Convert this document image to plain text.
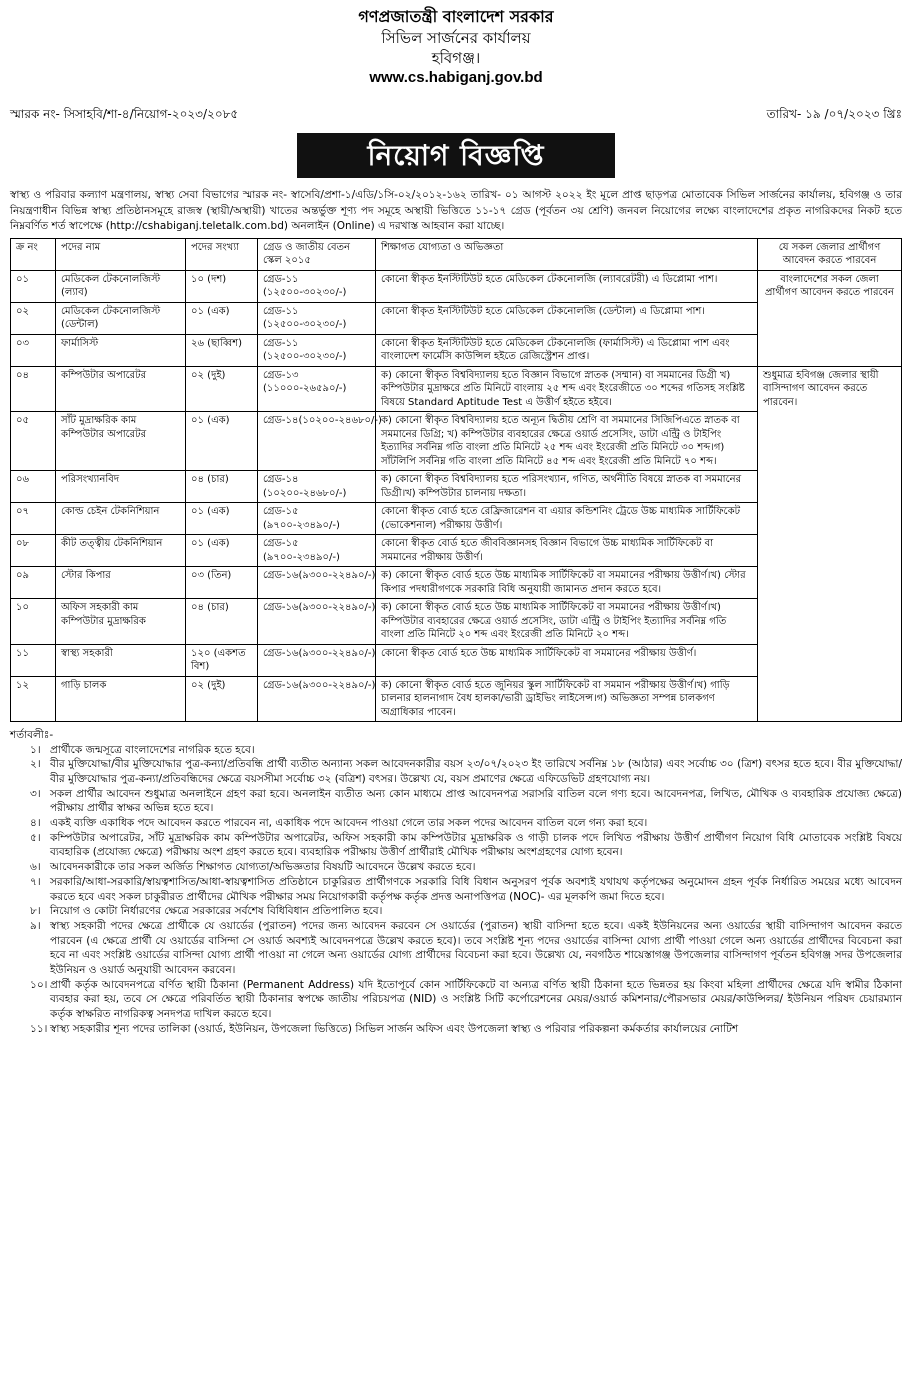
গণপ্রজাতন্ত্রী বাংলাদেশ সরকার
সিভিল সার্জনের কার্যালয়
হবিগঞ্জ।
www.cs.habiganj.gov.bd
স্মারক নং- সিসাহবি/শা-৪/নিয়োগ-২০২৩/২০৮৫	তারিখ- ১৯ /০৭/২০২৩ খ্রিঃ
নিয়োগ বিজ্ঞপ্তি
স্বাস্থ্য ও পরিবার কল্যাণ মন্ত্রণালয়, স্বাস্থ্য সেবা বিভাগের স্মারক নং- স্বাসেবি/প্রশা-১/এডি/১সি-০২/২০১২-১৬২ তারিখ- ০১ আগস্ট ২০২২ ইং মূলে প্রাপ্ত ছাড়পত্র মোতাবেক সিভিল সার্জনের কার্যালয়, হবিগঞ্জ ও তার নিয়ন্ত্রণাধীন বিভিন্ন স্বাস্থ্য প্রতিষ্ঠানসমূহে রাজস্ব (স্থায়ী/অস্থায়ী) খাতের অন্তর্ভুক্ত শূণ্য পদ সমূহে অস্থায়ী ভিত্তিতে ১১-১৭ গ্রেড (পূর্বতন ৩য় শ্রেণি) জনবল নিয়োগের লক্ষ্যে বাংলাদেশের প্রকৃত নাগরিকদের নিকট হতে নিম্নবর্ণিত শর্ত স্বাপেক্ষে (http://cshabiganj.teletalk.com.bd) অনলাইন (Online) এ দরখাস্ত আহবান করা যাচ্ছে।
ক্র নং	পদের নাম	পদের সংখ্যা	গ্রেড ও জাতীয় বেতন স্কেল ২০১৫	শিক্ষাগত যোগ্যতা ও অভিজ্ঞতা	যে সকল জেলার প্রার্থীগণ আবেদন করতে পারবেন
০১	মেডিকেল টেকনোলজিস্ট (ল্যাব)	১০ (দশ)	গ্রেড-১১ (১২৫০০-৩০২৩০/-)	কোনো স্বীকৃত ইনস্টিটিউট হতে মেডিকেল টেকনোলজি (ল্যাবরেটরী) এ ডিপ্লোমা পাশ।	বাংলাদেশের সকল জেলা প্রার্থীগণ আবেদন করতে পারবেন
০২	মেডিকেল টেকনোলজিস্ট (ডেন্টাল)	০১ (এক)	গ্রেড-১১ (১২৫০০-৩০২৩০/-)	কোনো স্বীকৃত ইনস্টিটিউট হতে মেডিকেল টেকনোলজি (ডেন্টাল) এ ডিপ্লোমা পাশ।	
০৩	ফার্মাসিস্ট	২৬ (ছাব্বিশ)	গ্রেড-১১ (১২৫০০-৩০২৩০/-)	কোনো স্বীকৃত ইনস্টিটিউট হতে মেডিকেল টেকনোলজি (ফার্মাসিস্ট) এ ডিপ্লোমা পাশ এবং বাংলাদেশ ফার্মেসি কাউন্সিল হইতে রেজিস্ট্রেশন প্রাপ্ত।	
০৪	কম্পিউটার অপারেটর	০২ (দুই)	গ্রেড-১৩ (১১০০০-২৬৫৯০/-)	ক) কোনো স্বীকৃত বিশ্ববিদ্যালয় হতে বিজ্ঞান বিভাগে স্নাতক (সম্মান) বা সমমানের ডিগ্রী খ) কম্পিউটার মুদ্রাক্ষরে প্রতি মিনিটে বাংলায় ২৫ শব্দ এবং ইংরেজীতে ৩০ শব্দের গতিসহ সংশ্লিষ্ট বিষয়ে Standard Aptitude Test এ উত্তীর্ণ হইতে হইবে।	শুধুমাত্র হবিগঞ্জ জেলার স্থায়ী বাসিন্দাগণ আবেদন করতে পারবেন।
০৫	সাঁট মুদ্রাক্ষরিক কাম কম্পিউটার অপারেটর	০১ (এক)	গ্রেড-১৪(১০২০০-২৪৬৮০/-)	ক) কোনো স্বীকৃত বিশ্ববিদ্যালয় হতে অন্যূন দ্বিতীয় শ্রেণি বা সমমানের সিজিপিএতে স্নাতক বা সমমানের ডিগ্রি; খ) কম্পিউটার ব্যবহারের ক্ষেত্রে ওয়ার্ড প্রসেসিং, ডাটা এন্ট্রি ও টাইপিং ইত্যাদির সর্বনিম্ন গতি বাংলা প্রতি মিনিটে ২৫ শব্দ এবং ইংরেজী প্রতি মিনিটে ৩০ শব্দ।গ) সাঁটলিপি সর্বনিম্ন গতি বাংলা প্রতি মিনিটে ৪৫ শব্দ এবং ইংরেজী প্রতি মিনিটে ৭০ শব্দ।	
০৬	পরিসংখ্যানবিদ	০৪ (চার)	গ্রেড-১৪ (১০২০০-২৪৬৮০/-)	ক) কোনো স্বীকৃত বিশ্ববিদ্যালয় হতে পরিসংখ্যান, গণিত, অর্থনীতি বিষয়ে স্নাতক বা সমমানের ডিগ্রী।খ) কম্পিউটার চালনায় দক্ষতা।	
০৭	কোল্ড চেইন টেকনিশিয়ান	০১ (এক)	গ্রেড-১৫ (৯৭০০-২৩৪৯০/-)	কোনো স্বীকৃত বোর্ড হতে রেফ্রিজারেশন বা এয়ার কন্ডিশনিং ট্রেডে উচ্চ মাধ্যমিক সার্টিফিকেট (ভোকেশনাল) পরীক্ষায় উত্তীর্ণ।	
০৮	কীট তত্ত্বীয় টেকনিশিয়ান	০১ (এক)	গ্রেড-১৫ (৯৭০০-২৩৪৯০/-)	কোনো স্বীকৃত বোর্ড হতে জীববিজ্ঞানসহ বিজ্ঞান বিভাগে উচ্চ মাধ্যমিক সার্টিফিকেট বা সমমানের পরীক্ষায় উত্তীর্ণ।	
০৯	স্টোর কিপার	০৩ (তিন)	গ্রেড-১৬(৯৩০০-২২৪৯০/-)	ক) কোনো স্বীকৃত বোর্ড হতে উচ্চ মাধ্যমিক সার্টিফিকেট বা সমমানের পরীক্ষায় উত্তীর্ণ।খ) স্টোর কিপার পদধারীগণকে সরকারি বিধি অনুযায়ী জামানত প্রদান করতে হবে।	
১০	অফিস সহকারী কাম কম্পিউটার মুদ্রাক্ষরিক	০৪ (চার)	গ্রেড-১৬(৯৩০০-২২৪৯০/-)	ক) কোনো স্বীকৃত বোর্ড হতে উচ্চ মাধ্যমিক সার্টিফিকেট বা সমমানের পরীক্ষায় উত্তীর্ণ।খ) কম্পিউটার ব্যবহারের ক্ষেত্রে ওয়ার্ড প্রসেসিং, ডাটা এন্ট্রি ও টাইপিং ইত্যাদির সর্বনিম্ন গতি বাংলা প্রতি মিনিটে ২০ শব্দ এবং ইংরেজী প্রতি মিনিটে ২০ শব্দ।	
১১	স্বাস্থ্য সহকারী	১২০ (একশত বিশ)	গ্রেড-১৬(৯৩০০-২২৪৯০/-)	কোনো স্বীকৃত বোর্ড হতে উচ্চ মাধ্যমিক সার্টিফিকেট বা সমমানের পরীক্ষায় উত্তীর্ণ।	
১২	গাড়ি চালক	০২ (দুই)	গ্রেড-১৬(৯৩০০-২২৪৯০/-)	ক) কোনো স্বীকৃত বোর্ড হতে জুনিয়র স্কুল সার্টিফিকেট বা সমমান পরীক্ষায় উত্তীর্ণ।খ) গাড়ি চালনার হালনাগাদ বৈধ হালকা/ভারী ড্রাইভিং লাইসেন্স।গ) অভিজ্ঞতা সম্পন্ন চালকগণ অগ্রাধিকার পাবেন।	
শর্তাবলীঃ-
১। প্রার্থীকে জন্মসূত্রে বাংলাদেশের নাগরিক হতে হবে।
২। বীর মুক্তিযোদ্ধা/বীর মুক্তিযোদ্ধার পুত্র-কন্যা/প্রতিবন্ধি প্রার্থী ব্যতীত অন্যান্য সকল আবেদনকারীর বয়স ২৩/০৭/২০২৩ ইং তারিখে সর্বনিম্ন ১৮ (আঠার) এবং সর্বোচ্চ ৩০ (ত্রিশ) বৎসর হতে হবে। বীর মুক্তিযোদ্ধা/বীর মুক্তিযোদ্ধার পুত্র-কন্যা/প্রতিবন্ধিদের ক্ষেত্রে বয়সসীমা সর্বোচ্চ ৩২ (বত্রিশ) বৎসর। উল্লেখ্য যে, বয়স প্রমাণের ক্ষেত্রে এফিডেভিট গ্রহণযোগ্য নয়।
৩। সকল প্রার্থীর আবেদন শুধুমাত্র অনলাইনে গ্রহণ করা হবে। অনলাইন ব্যতীত অন্য কোন মাধ্যমে প্রাপ্ত আবেদনপত্র সরাসরি বাতিল বলে গণ্য হবে। আবেদনপত্র, লিখিত, মৌখিক ও ব্যবহারিক প্রযোজ্য ক্ষেত্রে) পরীক্ষায় প্রার্থীর স্বাক্ষর অভিন্ন হতে হবে।
৪। একই ব্যক্তি একাধিক পদে আবেদন করতে পারবেন না, একাধিক পদে আবেদন পাওয়া গেলে তার সকল পদের আবেদন বাতিল বলে গন্য করা হবে।
৫। কম্পিউটার অপারেটর, সাঁট মুদ্রাক্ষরিক কাম কম্পিউটার অপারেটর, অফিস সহকারী কাম কম্পিউটার মুদ্রাক্ষরিক ও গাড়ী চালক পদে লিখিত পরীক্ষায় উত্তীর্ণ প্রার্থীগণ নিয়োগ বিধি মোতাবেক সংশ্লিষ্ট বিষয়ে ব্যবহারিক (প্রযোজ্য ক্ষেত্রে) পরীক্ষায় অংশ গ্রহণ করতে হবে। ব্যবহারিক পরীক্ষায় উত্তীর্ণ প্রার্থীরাই মৌখিক পরীক্ষায় অংশগ্রহণের যোগ্য হবেন।
৬। আবেদনকারীকে তার সকল অর্জিত শিক্ষাগত যোগ্যতা/অভিজ্ঞতার বিষয়টি আবেদনে উল্লেখ করতে হবে।
৭। সরকারি/আধা-সরকারি/স্বায়ত্বশাসিত/আধা-স্বায়ত্বশাসিত প্রতিষ্ঠানে চাকুরিরত প্রার্থীগণকে সরকারি বিধি বিধান অনুসরণ পূর্বক অবশ্যই যথাযথ কর্তৃপক্ষের অনুমোদন গ্রহন পূর্বক নির্ধারিত সময়ের মধ্যে আবেদন করতে হবে এবং সকল চাকুরীরত প্রার্থীদের মৌখিক পরীক্ষার সময় নিয়োগকারী কর্তৃপক্ষ কর্তৃক প্রদত্ত অনাপত্তিপত্র (NOC)- এর মূলকপি জমা দিতে হবে।
৮। নিয়োগ ও কোটা নির্ধারণের ক্ষেত্রে সরকারের সর্বশেষ বিধিবিধান প্রতিপালিত হবে।
৯। স্বাস্থ্য সহকারী পদের ক্ষেত্রে প্রার্থীকে যে ওয়ার্ডের (পুরাতন) পদের জন্য আবেদন করবেন সে ওয়ার্ডের (পুরাতন) স্থায়ী বাসিন্দা হতে হবে। একই ইউনিয়নের অন্য ওয়ার্ডের স্থায়ী বাসিন্দাগণ আবেদন করতে পারবেন (এ ক্ষেত্রে প্রার্থী যে ওয়ার্ডের বাসিন্দা সে ওয়ার্ড অবশ্যই আবেদনপত্রে উল্লেখ করতে হবে)। তবে সংশ্লিষ্ট শূন্য পদের ওয়ার্ডের বাসিন্দা যোগ্য প্রার্থী পাওয়া গেলে অন্য ওয়ার্ডের প্রার্থীদের বিবেচনা করা হবে না এবং সংশ্লিষ্ট ওয়ার্ডের বাসিন্দা যোগ্য প্রার্থী পাওয়া না গেলে অন্য ওয়ার্ডের যোগ্য প্রার্থীদের বিবেচনা করা হবে। উল্লেখ্য যে, নবগঠিত শায়েস্তাগঞ্জ উপজেলার বাসিন্দাগণ পূর্বতন হবিগঞ্জ সদর উপজেলার ইউনিয়ন ও ওয়ার্ড অনুযায়ী আবেদন করবেন।
১০। প্রার্থী কর্তৃক আবেদনপত্রে বর্ণিত স্থায়ী ঠিকানা (Permanent Address) যদি ইতোপূর্বে কোন সার্টিফিকেটে বা অন্যত্র বর্ণিত স্থায়ী ঠিকানা হতে ভিন্নতর হয় কিংবা মহিলা প্রার্থীদের ক্ষেত্রে যদি স্বামীর ঠিকানা ব্যবহার করা হয়, তবে সে ক্ষেত্রে পরিবর্তিত স্থায়ী ঠিকানার স্বপক্ষে জাতীয় পরিচয়পত্র (NID) ও সংশ্লিষ্ট সিটি কর্পোরেশনের মেয়র/ওয়ার্ড কমিশনার/পৌরসভার মেয়র/কাউন্সিলর/ ইউনিয়ন পরিষদ চেয়ারম্যান কর্তৃক স্বাক্ষরিত নাগরিকত্ব সনদপত্র দাখিল করতে হবে।
১১। স্বাস্থ্য সহকারীর শূন্য পদের তালিকা (ওয়ার্ড, ইউনিয়ন, উপজেলা ভিত্তিতে) সিভিল সার্জন অফিস এবং উপজেলা স্বাস্থ্য ও পরিবার পরিকল্পনা কর্মকর্তার কার্যালয়ের নোটিশ
